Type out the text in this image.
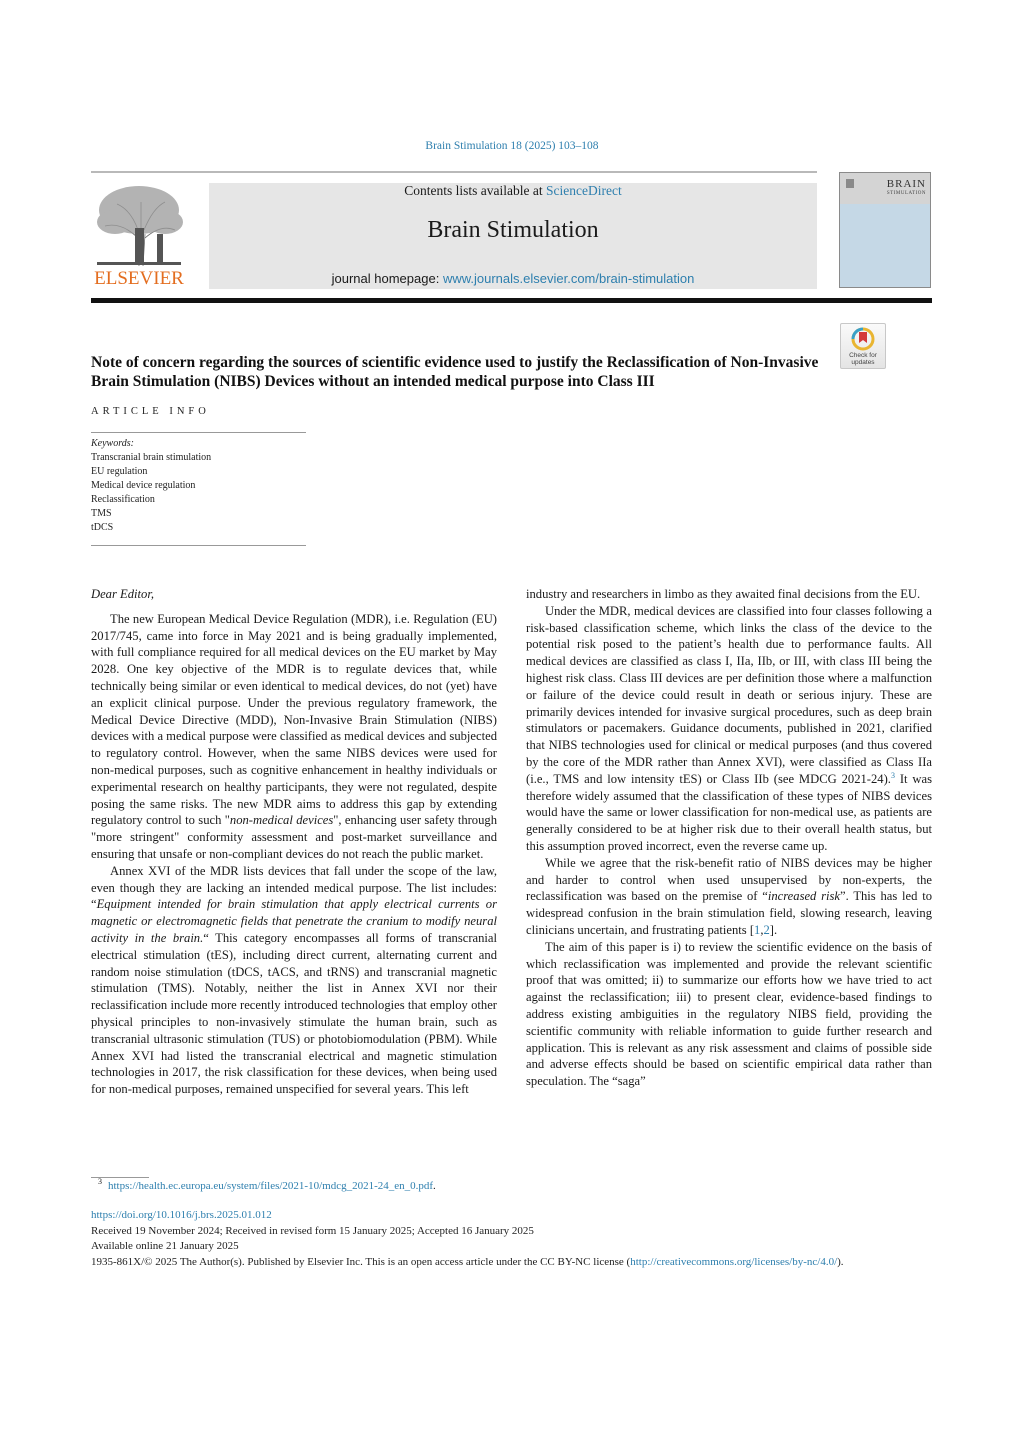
Brain Stimulation 18 (2025) 103–108
ELSEVIER
Contents lists available at ScienceDirect
Brain Stimulation
journal homepage: www.journals.elsevier.com/brain-stimulation
BRAIN
STIMULATION
Check for
updates
Note of concern regarding the sources of scientific evidence used to justify the Reclassification of Non-Invasive Brain Stimulation (NIBS) Devices without an intended medical purpose into Class III
ARTICLE INFO
Keywords:
Transcranial brain stimulation
EU regulation
Medical device regulation
Reclassification
TMS
tDCS

Dear Editor,

The new European Medical Device Regulation (MDR), i.e. Regulation (EU) 2017/745, came into force in May 2021 and is being gradually implemented, with full compliance required for all medical devices on the EU market by May 2028. One key objective of the MDR is to regulate devices that, while technically being similar or even identical to medical devices, do not (yet) have an explicit clinical purpose. Under the previous regulatory framework, the Medical Device Directive (MDD), Non-Invasive Brain Stimulation (NIBS) devices with a medical purpose were classified as medical devices and subjected to regulatory control. However, when the same NIBS devices were used for non-medical purposes, such as cognitive enhancement in healthy individuals or experimental research on healthy participants, they were not regulated, despite posing the same risks. The new MDR aims to address this gap by extending regulatory control to such "non-medical devices", enhancing user safety through "more stringent" conformity assessment and post-market surveillance and ensuring that unsafe or non-compliant devices do not reach the public market.

Annex XVI of the MDR lists devices that fall under the scope of the law, even though they are lacking an intended medical purpose. The list includes: “Equipment intended for brain stimulation that apply electrical currents or magnetic or electromagnetic fields that penetrate the cranium to modify neural activity in the brain.“ This category encompasses all forms of transcranial electrical stimulation (tES), including direct current, alternating current and random noise stimulation (tDCS, tACS, and tRNS) and transcranial magnetic stimulation (TMS). Notably, neither the list in Annex XVI nor their reclassification include more recently introduced technologies that employ other physical principles to non-invasively stimulate the human brain, such as transcranial ultrasonic stimulation (TUS) or photobiomodulation (PBM). While Annex XVI had listed the transcranial electrical and magnetic stimulation technologies in 2017, the risk classification for these devices, when being used for non-medical purposes, remained unspecified for several years. This left

industry and researchers in limbo as they awaited final decisions from the EU.

Under the MDR, medical devices are classified into four classes following a risk-based classification scheme, which links the class of the device to the potential risk posed to the patient’s health due to performance faults. All medical devices are classified as class I, IIa, IIb, or III, with class III being the highest risk class. Class III devices are per definition those where a malfunction or failure of the device could result in death or serious injury. These are primarily devices intended for invasive surgical procedures, such as deep brain stimulators or pacemakers. Guidance documents, published in 2021, clarified that NIBS technologies used for clinical or medical purposes (and thus covered by the core of the MDR rather than Annex XVI), were classified as Class IIa (i.e., TMS and low intensity tES) or Class IIb (see MDCG 2021-24).$^3$ It was therefore widely assumed that the classification of these types of NIBS devices would have the same or lower classification for non-medical use, as patients are generally considered to be at higher risk due to their overall health status, but this assumption proved incorrect, even the reverse came up.

While we agree that the risk-benefit ratio of NIBS devices may be higher and harder to control when used unsupervised by non-experts, the reclassification was based on the premise of “increased risk”. This has led to widespread confusion in the brain stimulation field, slowing research, leaving clinicians uncertain, and frustrating patients [1,2].

The aim of this paper is i) to review the scientific evidence on the basis of which reclassification was implemented and provide the relevant scientific proof that was omitted; ii) to summarize our efforts how we have tried to act against the reclassification; iii) to present clear, evidence-based findings to address existing ambiguities in the regulatory NIBS field, providing the scientific community with reliable information to guide further research and application. This is relevant as any risk assessment and claims of possible side and adverse effects should be based on scientific empirical data rather than speculation. The “saga”

$^3$ https://health.ec.europa.eu/system/files/2021-10/mdcg_2021-24_en_0.pdf.
https://doi.org/10.1016/j.brs.2025.01.012
Received 19 November 2024; Received in revised form 15 January 2025; Accepted 16 January 2025
Available online 21 January 2025
1935-861X/© 2025 The Author(s). Published by Elsevier Inc. This is an open access article under the CC BY-NC license (http://creativecommons.org/licenses/by-nc/4.0/).
